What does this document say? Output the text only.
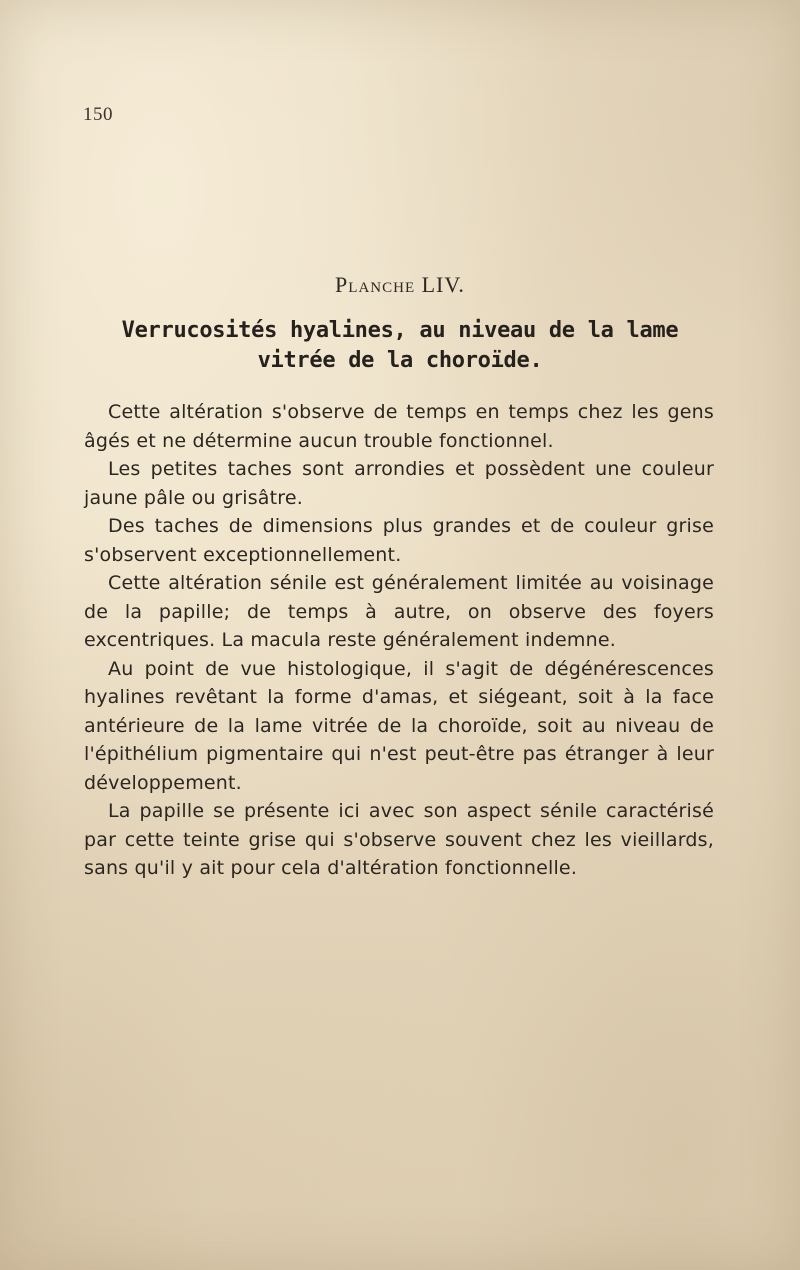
150
Planche LIV.
Verrucosités hyalines, au niveau de la lame vitrée de la choroïde.

Cette altération s'observe de temps en temps chez les gens âgés et ne détermine aucun trouble fonctionnel.

Les petites taches sont arrondies et possèdent une couleur jaune pâle ou grisâtre.

Des taches de dimensions plus grandes et de couleur grise s'observent exceptionnellement.

Cette altération sénile est généralement limitée au voisinage de la papille; de temps à autre, on observe des foyers excentriques. La macula reste généralement indemne.

Au point de vue histologique, il s'agit de dégénérescences hyalines revêtant la forme d'amas, et siégeant, soit à la face antérieure de la lame vitrée de la choroïde, soit au niveau de l'épithélium pigmentaire qui n'est peut-être pas étranger à leur développement.

La papille se présente ici avec son aspect sénile caractérisé par cette teinte grise qui s'observe souvent chez les vieillards, sans qu'il y ait pour cela d'altération fonctionnelle.
